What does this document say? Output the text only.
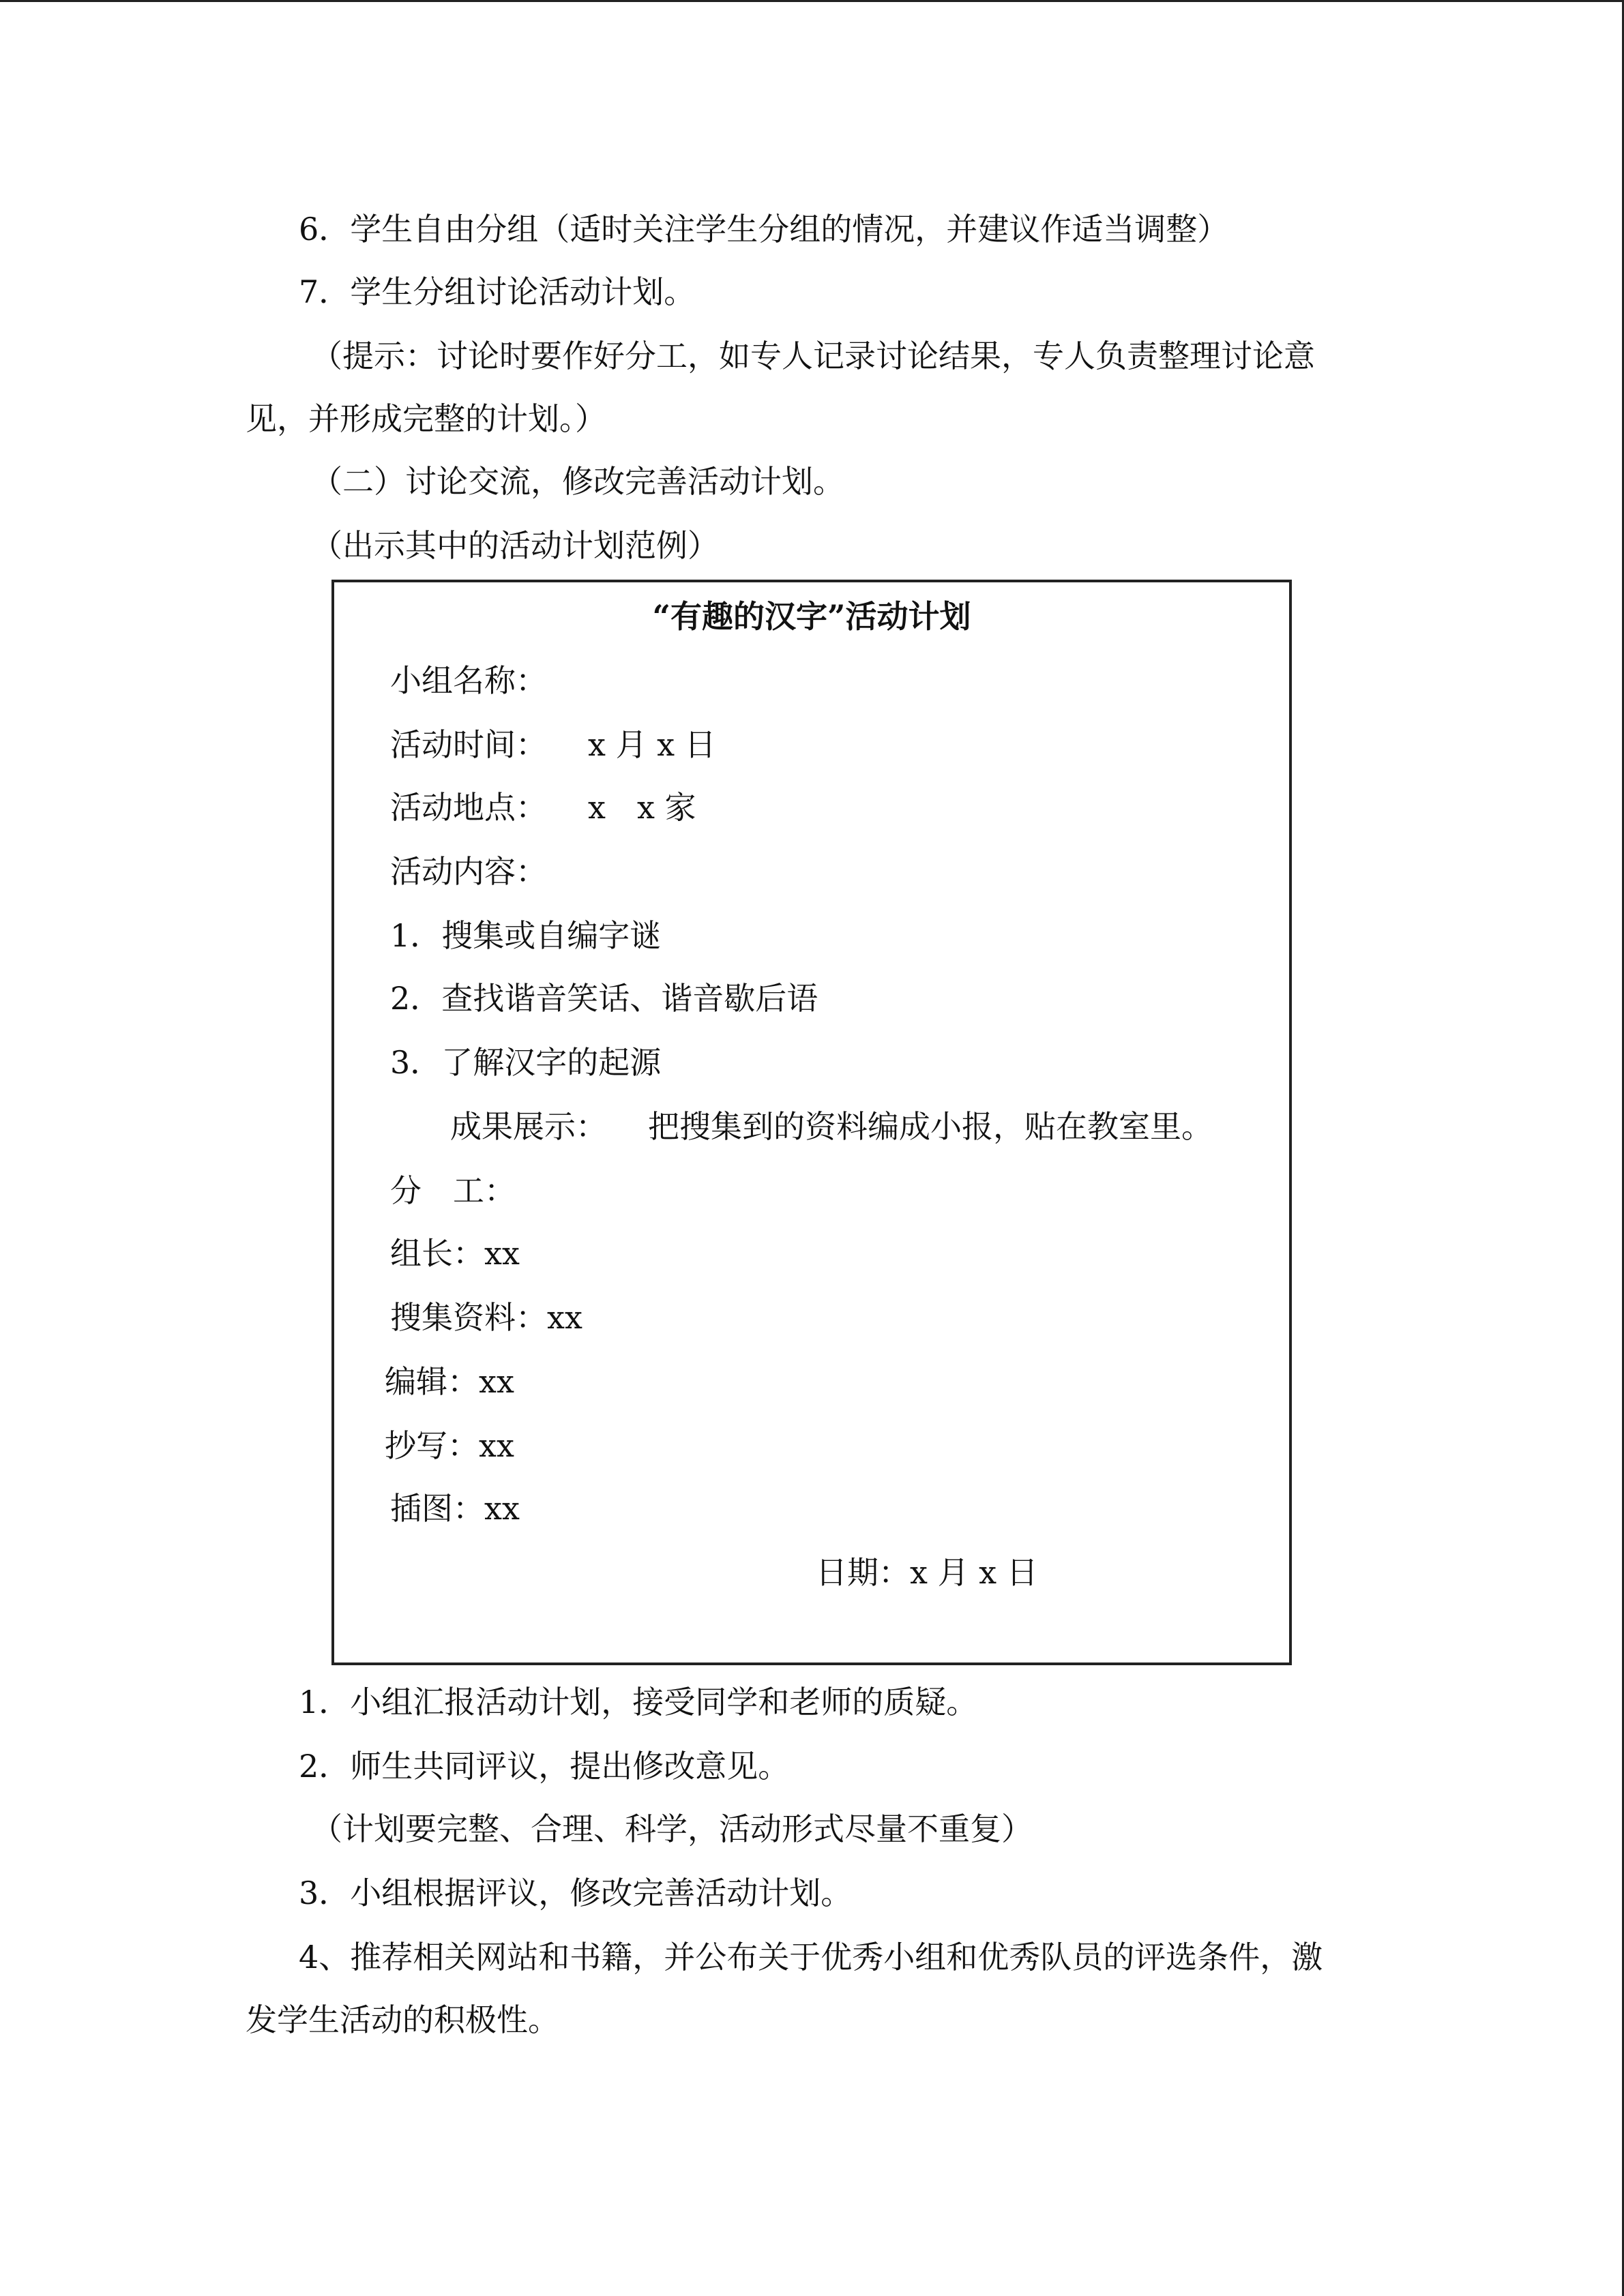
6．学生自由分组（适时关注学生分组的情况，并建议作适当调整）
7．学生分组讨论活动计划。
（提示：讨论时要作好分工，如专人记录讨论结果，专人负责整理讨论意
见，并形成完整的计划。）
（二）讨论交流，修改完善活动计划。
（出示其中的活动计划范例）
“有趣的汉字”活动计划
小组名称：
活动时间： x 月 x 日
活动地点： x　x 家
活动内容：
1．搜集或自编字谜
2．查找谐音笑话、谐音歇后语
3．了解汉字的起源
成果展示： 把搜集到的资料编成小报，贴在教室里。
分　工：
组长：xx
搜集资料：xx
编辑：xx
抄写：xx
插图：xx
日期：x 月 x 日
1．小组汇报活动计划，接受同学和老师的质疑。
2．师生共同评议，提出修改意见。
（计划要完整、合理、科学，活动形式尽量不重复）
3．小组根据评议，修改完善活动计划。
4、推荐相关网站和书籍，并公布关于优秀小组和优秀队员的评选条件，激
发学生活动的积极性。
